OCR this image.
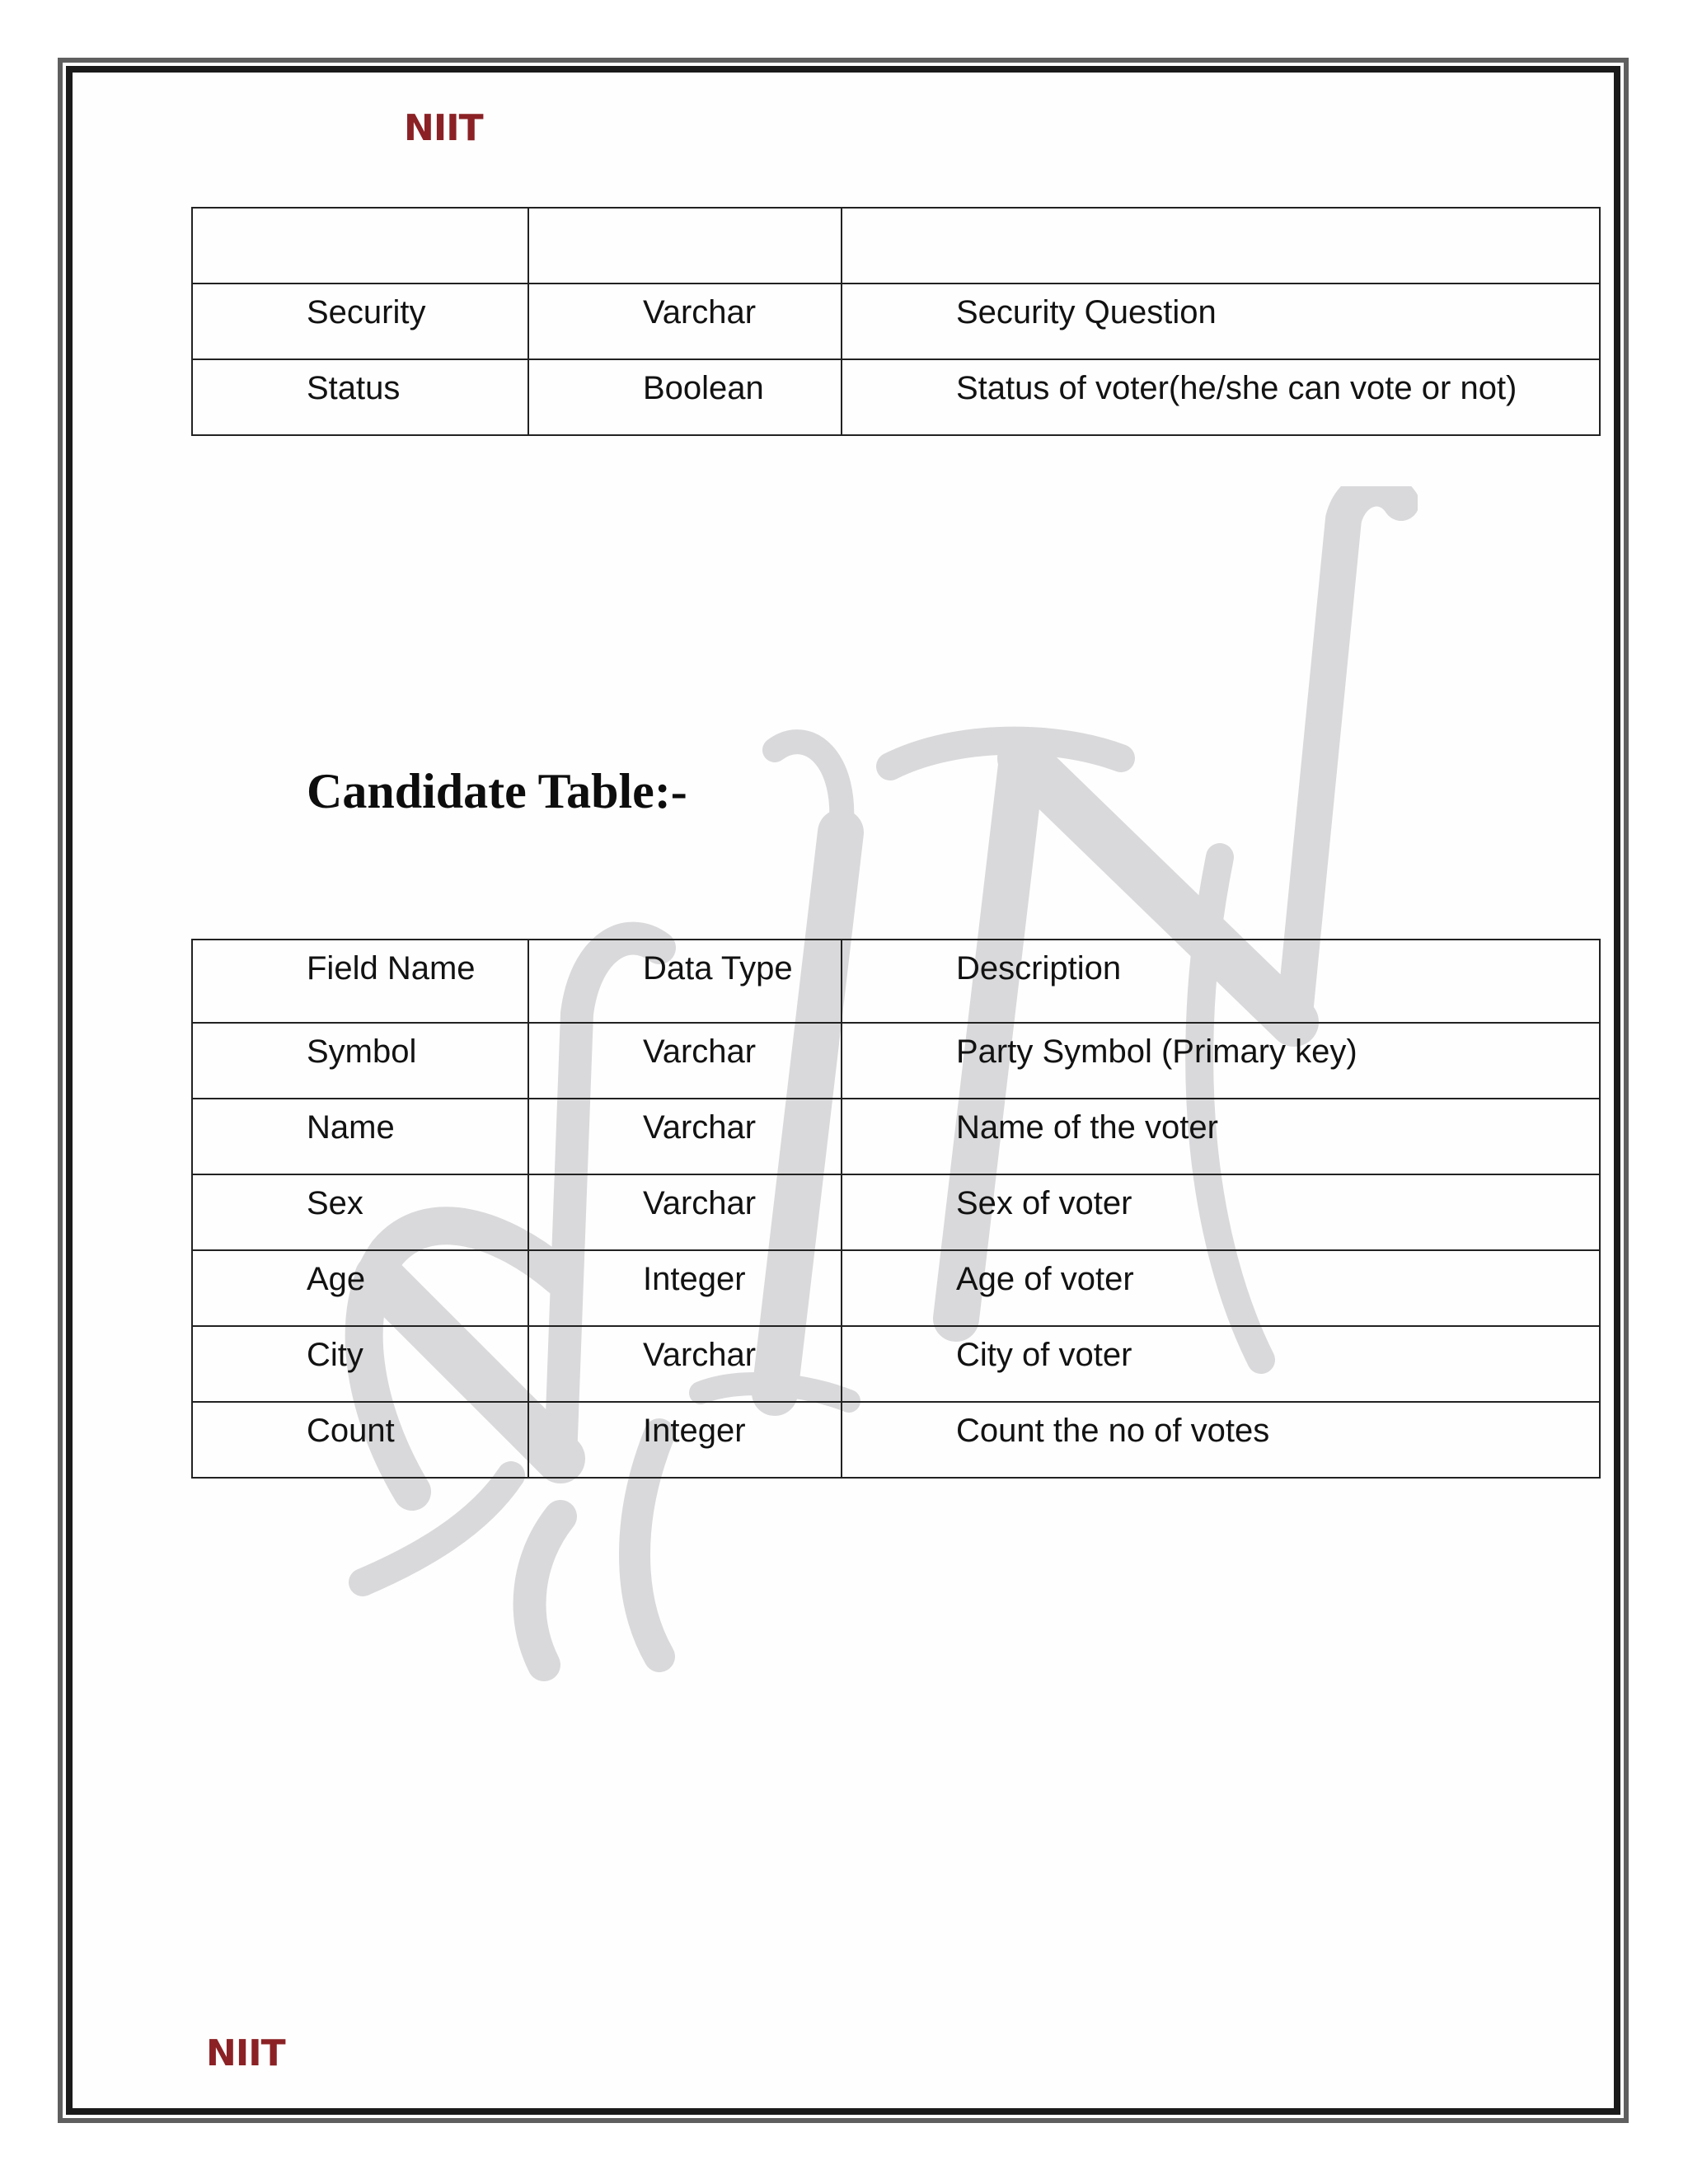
NIIT

Security	Varchar	Security Question

Status	Boolean	Status of voter(he/she can vote or not)
Candidate Table:-
Field Name	Data Type	Description

Symbol	Varchar	Party Symbol (Primary key)

Name	Varchar	Name of the voter

Sex	Varchar	Sex of voter

Age	Integer	Age of voter

City	Varchar	City of voter

Count	Integer	Count the no of votes
NIIT
